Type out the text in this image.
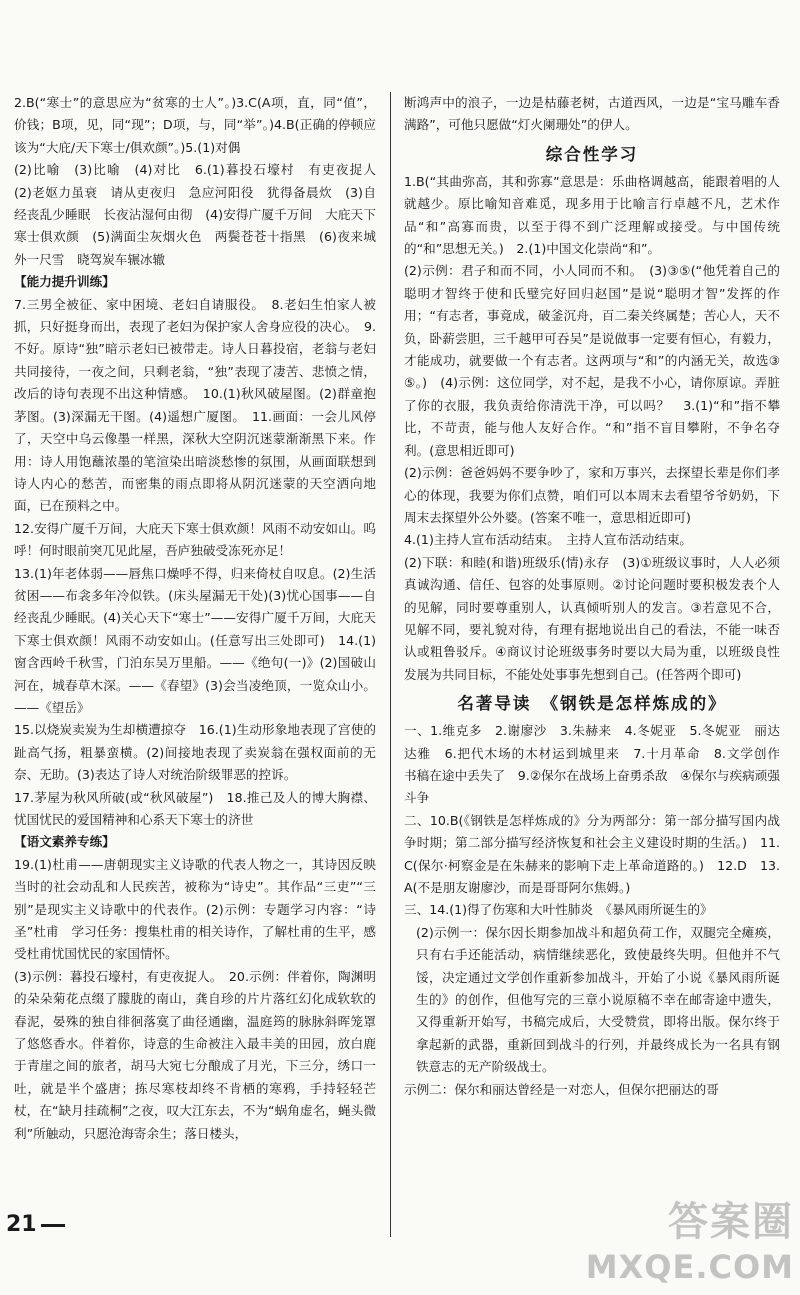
2.B(“寒士”的意思应为“贫寒的士人”。)3.C(A项，直，同“值”，价钱；B项，见，同“现”；D项，与，同“举”。)4.B(正确的停顿应该为“大庇/天下寒士/俱欢颜”。)5.(1)对偶

(2)比喻　(3)比喻　(4)对比　6.(1)暮投石壕村　有吏夜捉人　(2)老妪力虽衰　请从吏夜归　急应河阳役　犹得备晨炊　(3)自经丧乱少睡眠　长夜沾湿何由彻　(4)安得广厦千万间　大庇天下寒士俱欢颜　(5)满面尘灰烟火色　两鬓苍苍十指黑　(6)夜来城外一尺雪　晓驾炭车辗冰辙

【能力提升训练】

7.三男全被征、家中困境、老妇自请服役。　8.老妇生怕家人被抓，只好挺身而出，表现了老妇为保护家人舍身应役的决心。　9.不好。原诗“独”暗示老妇已被带走。诗人日暮投宿，老翁与老妇共同接待，一夜之间，只剩老翁，“独”表现了凄苦、悲愤之情，改后的诗句表现不出这种情感。　10.(1)秋风破屋图。(2)群童抱茅图。(3)深漏无干图。(4)遥想广厦图。　11.画面：一会儿风停了，天空中乌云像墨一样黑，深秋大空阴沉迷蒙渐渐黑下来。作用：诗人用饱蘸浓墨的笔渲染出暗淡愁惨的氛围，从画面联想到诗人内心的愁苦，而密集的雨点即将从阴沉迷蒙的天空洒向地面，已在预料之中。

12.安得广厦千万间，大庇天下寒士俱欢颜！风雨不动安如山。呜呼！何时眼前突兀见此屋，吾庐独破受冻死亦足！

13.(1)年老体弱——唇焦口燥呼不得，归来倚杖自叹息。(2)生活贫困——布衾多年冷似铁。(床头屋漏无干处)(3)忧心国事——自经丧乱少睡眠。(4)关心天下“寒士”——安得广厦千万间，大庇天下寒士俱欢颜！风雨不动安如山。(任意写出三处即可)　14.(1)窗含西岭千秋雪，门泊东吴万里船。——《绝句(一)》(2)国破山河在，城春草木深。——《春望》(3)会当凌绝顶，一览众山小。——《望岳》

15.以烧炭卖炭为生却横遭掠夺　16.(1)生动形象地表现了宫使的趾高气扬，粗暴蛮横。(2)间接地表现了卖炭翁在强权面前的无奈、无助。(3)表达了诗人对统治阶级罪恶的控诉。

17.茅屋为秋风所破(或“秋风破屋”)　18.推己及人的博大胸襟、忧国忧民的爱国精神和心系天下寒士的济世

【语文素养专练】

19.(1)杜甫——唐朝现实主义诗歌的代表人物之一，其诗因反映当时的社会动乱和人民疾苦，被称为“诗史”。其作品“三吏”“三别”是现实主义诗歌中的代表作。(2)示例：专题学习内容：“诗圣”杜甫　学习任务：搜集杜甫的相关诗作，了解杜甫的生平，感受杜甫忧国忧民的家国情怀。

(3)示例：暮投石壕村，有吏夜捉人。　20.示例：伴着你，陶渊明的朵朵菊花点缀了朦胧的南山，龚自珍的片片落红幻化成软软的春泥，晏殊的独自徘徊落寞了曲径通幽，温庭筠的脉脉斜晖笼罩了悠悠香水。伴着你，诗意的生命被注入最丰美的田园，放白鹿于青崖之间的旅者，胡马大宛七分酿成了月光，下三分，绣口一吐，就是半个盛唐；拣尽寒枝却终不肯栖的寒鸦，手持轻轻芒杖，在“缺月挂疏桐”之夜，叹大江东去，不为“蜗角虚名，蝇头微利”所触动，只愿沧海寄余生；落日楼头，

断鸿声中的浪子，一边是枯藤老树，古道西风，一边是“宝马雕车香满路”，可他只愿做“灯火阑珊处”的伊人。

综合性学习

1.B(“其曲弥高，其和弥寡”意思是：乐曲格调越高，能跟着唱的人就越少。原比喻知音难觅，现多用于比喻言行卓越不凡，艺术作品“和”高寡而贵，以至于得不到广泛理解或接受。与中国传统的“和”思想无关。)　2.(1)中国文化崇尚“和”。

(2)示例：君子和而不同，小人同而不和。　(3)③⑤(“他凭着自己的聪明才智终于使和氏璧完好回归赵国”是说“聪明才智”发挥的作用；“有志者，事竟成，破釜沉舟，百二秦关终属楚；苦心人，天不负，卧薪尝胆，三千越甲可吞吴”是说做事一定要有恒心，有毅力，才能成功，就要做一个有志者。这两项与“和”的内涵无关，故选③⑤。)　(4)示例：这位同学，对不起，是我不小心，请你原谅。弄脏了你的衣服，我负责给你清洗干净，可以吗？　3.(1)“和”指不攀比，不苛责，能与他人友好合作。“和”指不盲目攀附，不争名夺利。(意思相近即可)

(2)示例：爸爸妈妈不要争吵了，家和万事兴，去探望长辈是你们孝心的体现，我要为你们点赞，咱们可以本周末去看望爷爷奶奶，下周末去探望外公外婆。(答案不唯一，意思相近即可)

4.(1)主持人宣布活动结束。　主持人宣布活动结束。

(2)下联：和睦(和谐)班级乐(情)永存　(3)①班级议事时，人人必须真诚沟通、信任、包容的处事原则。②讨论问题时要积极发表个人的见解，同时要尊重别人，认真倾听别人的发言。③若意见不合，见解不同，要礼貌对待，有理有据地说出自己的看法，不能一味否认或粗鲁驳斥。④商议讨论班级事务时要以大局为重，以班级良性发展为共同目标，不能处处事事先想到自己。(任答两个即可)

名著导读　《钢铁是怎样炼成的》

一、1.维克多　2.谢廖沙　3.朱赫来　4.冬妮亚　5.冬妮亚　丽达　达雅　6.把代木场的木材运到城里来　7.十月革命　8.文学创作　书稿在途中丢失了　9.②保尔在战场上奋勇杀敌　④保尔与疾病顽强斗争

二、10.B(《钢铁是怎样炼成的》分为两部分：第一部分描写国内战争时期；第二部分描写经济恢复和社会主义建设时期的生活。)　11.C(保尔·柯察金是在朱赫来的影响下走上革命道路的。)　12.D　13.A(不是朋友谢廖沙，而是哥哥阿尔焦姆。)

三、14.(1)得了伤寒和大叶性肺炎　《暴风雨所诞生的》

(2)示例一：保尔因长期参加战斗和超负荷工作，双腿完全瘫痪，只有右手还能活动，病情继续恶化，致使最终失明。但他并不气馁，决定通过文学创作重新参加战斗，开始了小说《暴风雨所诞生的》的创作，但他写完的三章小说原稿不幸在邮寄途中遗失，又得重新开始写，书稿完成后，大受赞赏，即将出版。保尔终于拿起新的武器，重新回到战斗的行列，并最终成长为一名具有钢铁意志的无产阶级战士。

示例二：保尔和丽达曾经是一对恋人，但保尔把丽达的哥

21	答案圈
MXQE.COM
